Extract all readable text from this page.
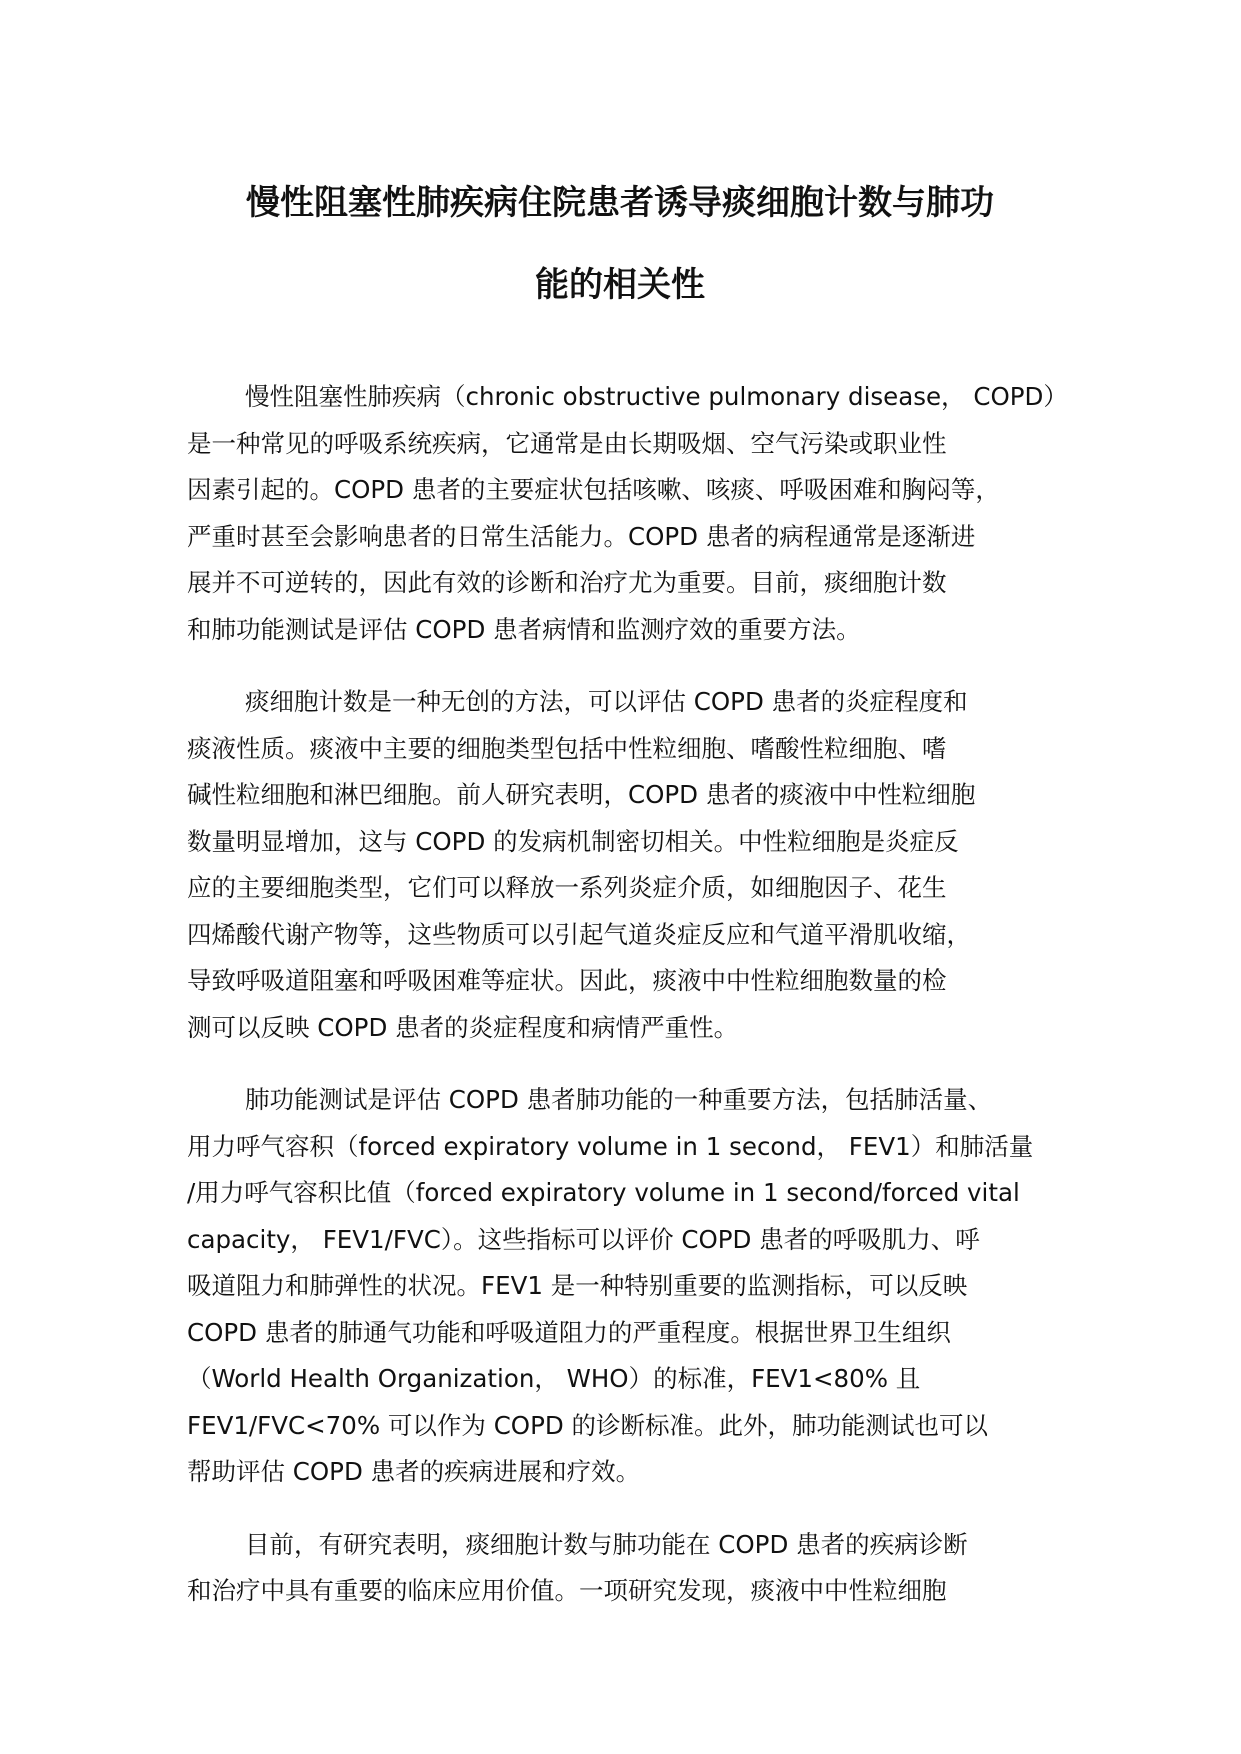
慢性阻塞性肺疾病住院患者诱导痰细胞计数与肺功
能的相关性
慢性阻塞性肺疾病（chronic obstructive pulmonary disease， COPD）
是一种常见的呼吸系统疾病，它通常是由长期吸烟、空气污染或职业性
因素引起的。COPD 患者的主要症状包括咳嗽、咳痰、呼吸困难和胸闷等，
严重时甚至会影响患者的日常生活能力。COPD 患者的病程通常是逐渐进
展并不可逆转的，因此有效的诊断和治疗尤为重要。目前，痰细胞计数
和肺功能测试是评估 COPD 患者病情和监测疗效的重要方法。
痰细胞计数是一种无创的方法，可以评估 COPD 患者的炎症程度和
痰液性质。痰液中主要的细胞类型包括中性粒细胞、嗜酸性粒细胞、嗜
碱性粒细胞和淋巴细胞。前人研究表明，COPD 患者的痰液中中性粒细胞
数量明显增加，这与 COPD 的发病机制密切相关。中性粒细胞是炎症反
应的主要细胞类型，它们可以释放一系列炎症介质，如细胞因子、花生
四烯酸代谢产物等，这些物质可以引起气道炎症反应和气道平滑肌收缩，
导致呼吸道阻塞和呼吸困难等症状。因此，痰液中中性粒细胞数量的检
测可以反映 COPD 患者的炎症程度和病情严重性。
肺功能测试是评估 COPD 患者肺功能的一种重要方法，包括肺活量、
用力呼气容积（forced expiratory volume in 1 second， FEV1）和肺活量
/用力呼气容积比值（forced expiratory volume in 1 second/forced vital
capacity， FEV1/FVC）。这些指标可以评价 COPD 患者的呼吸肌力、呼
吸道阻力和肺弹性的状况。FEV1 是一种特别重要的监测指标，可以反映
COPD 患者的肺通气功能和呼吸道阻力的严重程度。根据世界卫生组织
（World Health Organization， WHO）的标准，FEV1<80% 且
FEV1/FVC<70% 可以作为 COPD 的诊断标准。此外，肺功能测试也可以
帮助评估 COPD 患者的疾病进展和疗效。
目前，有研究表明，痰细胞计数与肺功能在 COPD 患者的疾病诊断
和治疗中具有重要的临床应用价值。一项研究发现，痰液中中性粒细胞
